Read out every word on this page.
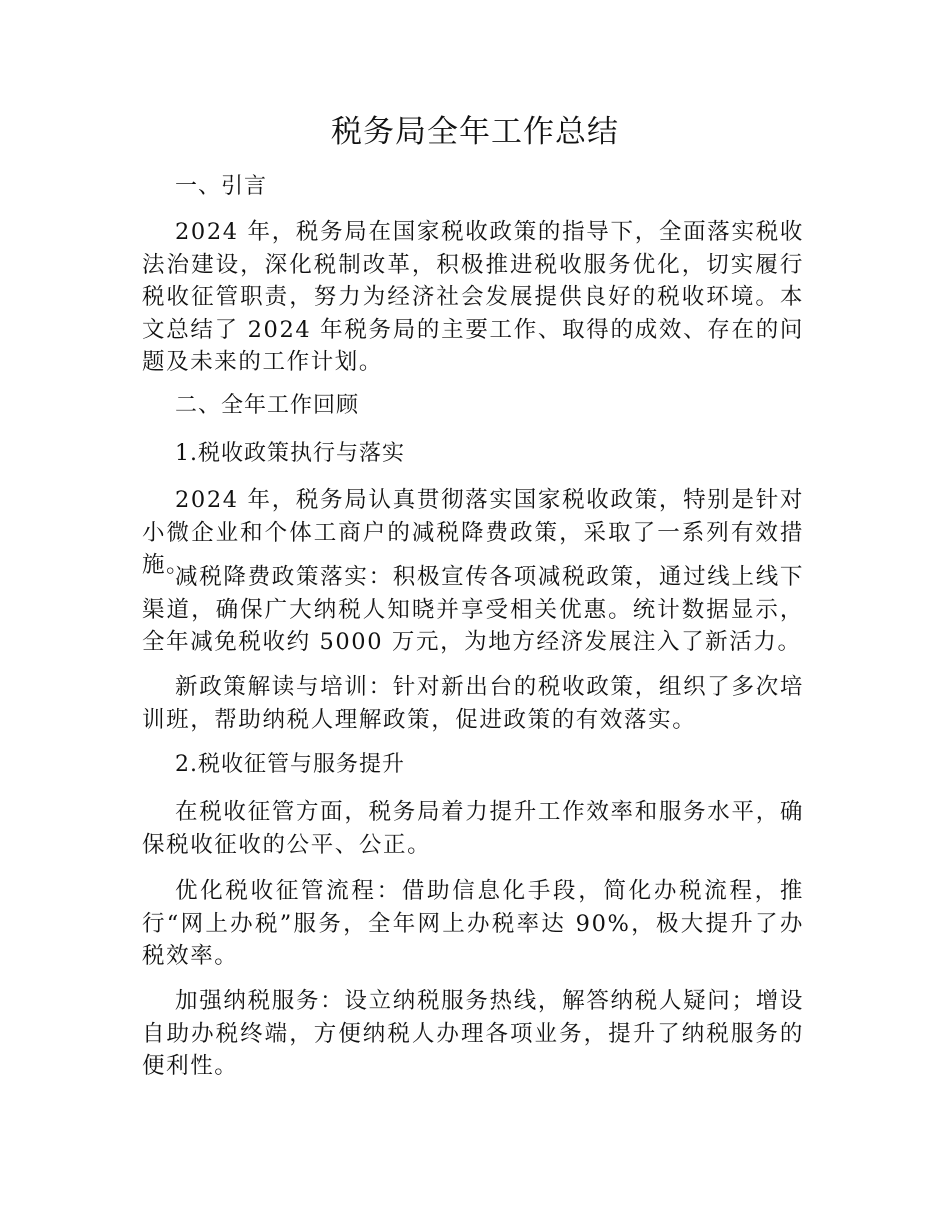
税务局全年工作总结
一、引言

2024 年，税务局在国家税收政策的指导下，全面落实税收法治建设，深化税制改革，积极推进税收服务优化，切实履行税收征管职责，努力为经济社会发展提供良好的税收环境。本文总结了 2024 年税务局的主要工作、取得的成效、存在的问题及未来的工作计划。

二、全年工作回顾
1.税收政策执行与落实

2024 年，税务局认真贯彻落实国家税收政策，特别是针对小微企业和个体工商户的减税降费政策，采取了一系列有效措施。

减税降费政策落实：积极宣传各项减税政策，通过线上线下渠道，确保广大纳税人知晓并享受相关优惠。统计数据显示，全年减免税收约 5000 万元，为地方经济发展注入了新活力。

新政策解读与培训：针对新出台的税收政策，组织了多次培训班，帮助纳税人理解政策，促进政策的有效落实。

2.税收征管与服务提升

在税收征管方面，税务局着力提升工作效率和服务水平，确保税收征收的公平、公正。

优化税收征管流程：借助信息化手段，简化办税流程，推行“网上办税”服务，全年网上办税率达 90%，极大提升了办税效率。

加强纳税服务：设立纳税服务热线，解答纳税人疑问；增设自助办税终端，方便纳税人办理各项业务，提升了纳税服务的便利性。
